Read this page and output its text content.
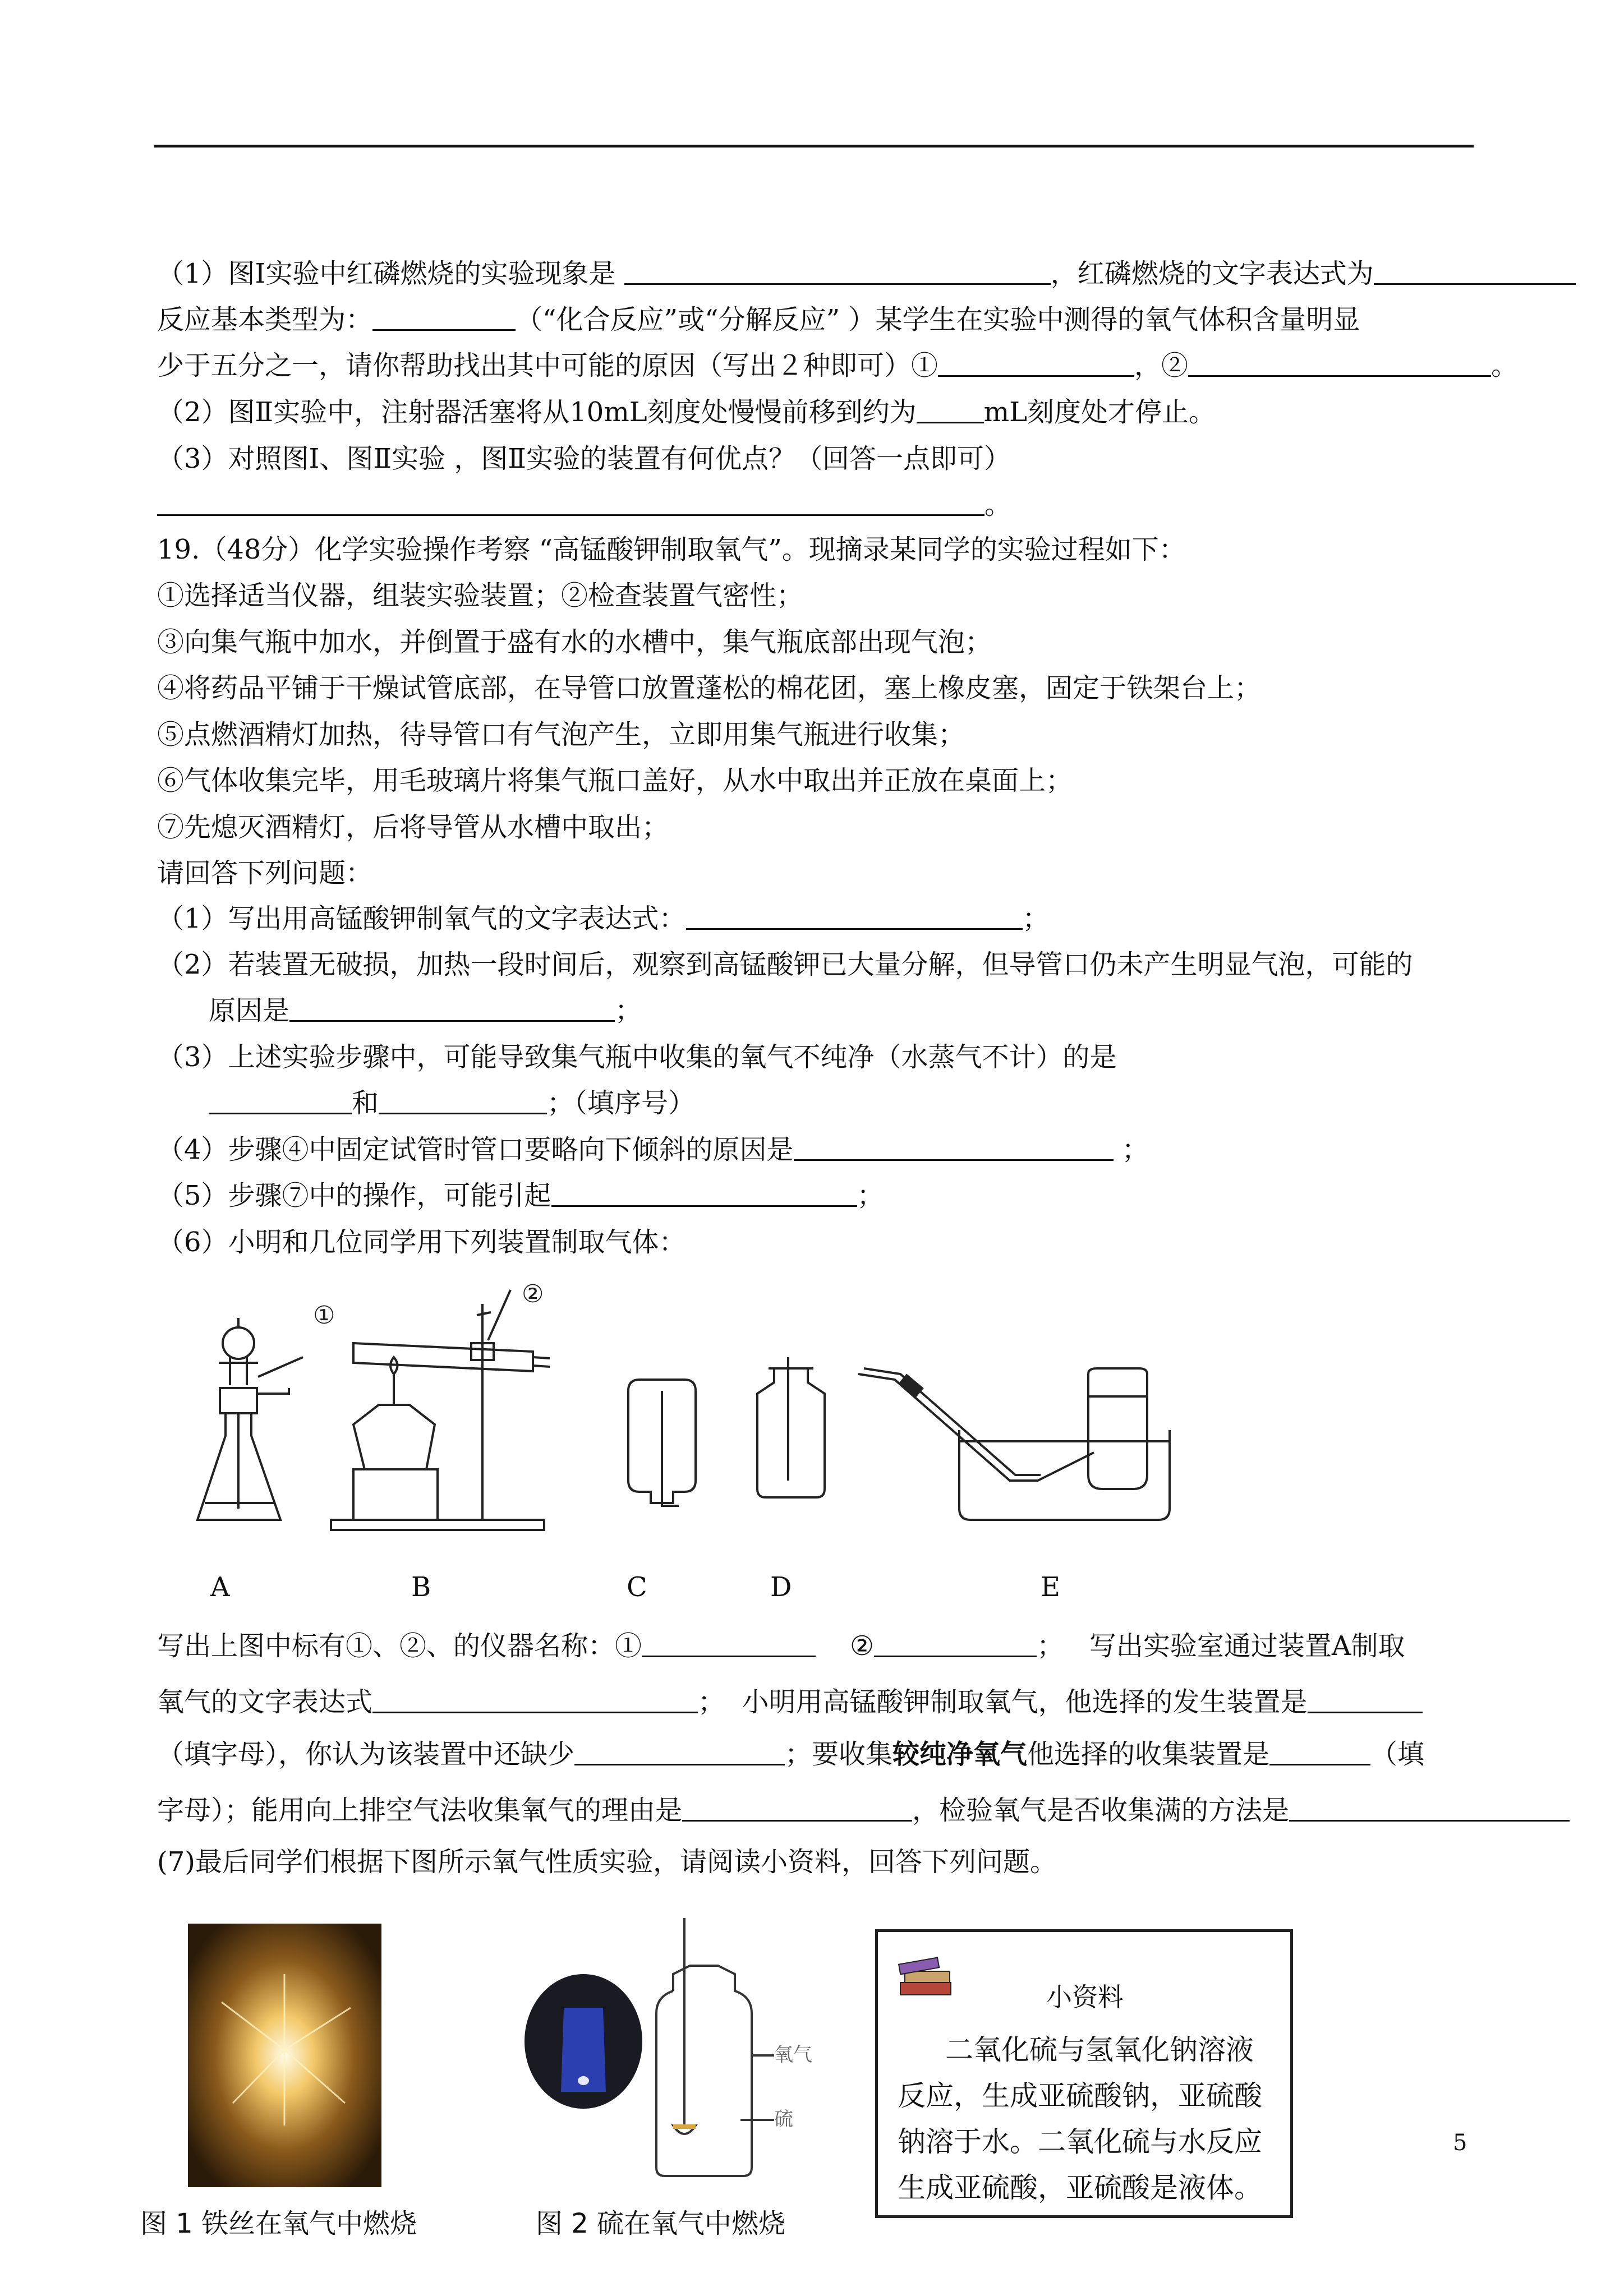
（1）图Ⅰ实验中红磷燃烧的实验现象是	，红磷燃烧的文字表达式为
反应基本类型为：	（“化合反应”或“分解反应” ）某学生在实验中测得的氧气体积含量明显
少于五分之一，请你帮助找出其中可能的原因（写出２种即可）①	，②	。
（2）图Ⅱ实验中，注射器活塞将从10mL刻度处慢慢前移到约为	mL刻度处才停止。
（3）对照图Ⅰ、图Ⅱ实验 ，图Ⅱ实验的装置有何优点？（回答一点即可）
。
19.（48分）化学实验操作考察 “高锰酸钾制取氧气”。现摘录某同学的实验过程如下：
①选择适当仪器，组装实验装置；②检查装置气密性；
③向集气瓶中加水，并倒置于盛有水的水槽中，集气瓶底部出现气泡；
④将药品平铺于干燥试管底部，在导管口放置蓬松的棉花团，塞上橡皮塞，固定于铁架台上；
⑤点燃酒精灯加热，待导管口有气泡产生，立即用集气瓶进行收集；
⑥气体收集完毕，用毛玻璃片将集气瓶口盖好，从水中取出并正放在桌面上；
⑦先熄灭酒精灯，后将导管从水槽中取出；
请回答下列问题：
（1）写出用高锰酸钾制氧气的文字表达式：	；
（2）若装置无破损，加热一段时间后，观察到高锰酸钾已大量分解，但导管口仍未产生明显气泡，可能的
原因是	；
（3）上述实验步骤中，可能导致集气瓶中收集的氧气不纯净（水蒸气不计）的是
和	；（填序号）
（4）步骤④中固定试管时管口要略向下倾斜的原因是	；
（5）步骤⑦中的操作，可能引起	；
（6）小明和几位同学用下列装置制取气体：
①
②
A	B	C	D	E
写出上图中标有①、②、的仪器名称：①	②	；   写出实验室通过装置A制取
氧气的文字表达式	；  小明用高锰酸钾制取氧气，他选择的发生装置是
（填字母），你认为该装置中还缺少	；要收集较纯净氧气他选择的收集装置是	（填
字母）；能用向上排空气法收集氧气的理由是	，检验氧气是否收集满的方法是
(7)最后同学们根据下图所示氧气性质实验，请阅读小资料，回答下列问题。
氧气
硫
小资料
二氧化硫与氢氧化钠溶液
反应，生成亚硫酸钠，亚硫酸
钠溶于水。二氧化硫与水反应
生成亚硫酸，亚硫酸是液体。
5
图 1 铁丝在氧气中燃烧	图 2 硫在氧气中燃烧
